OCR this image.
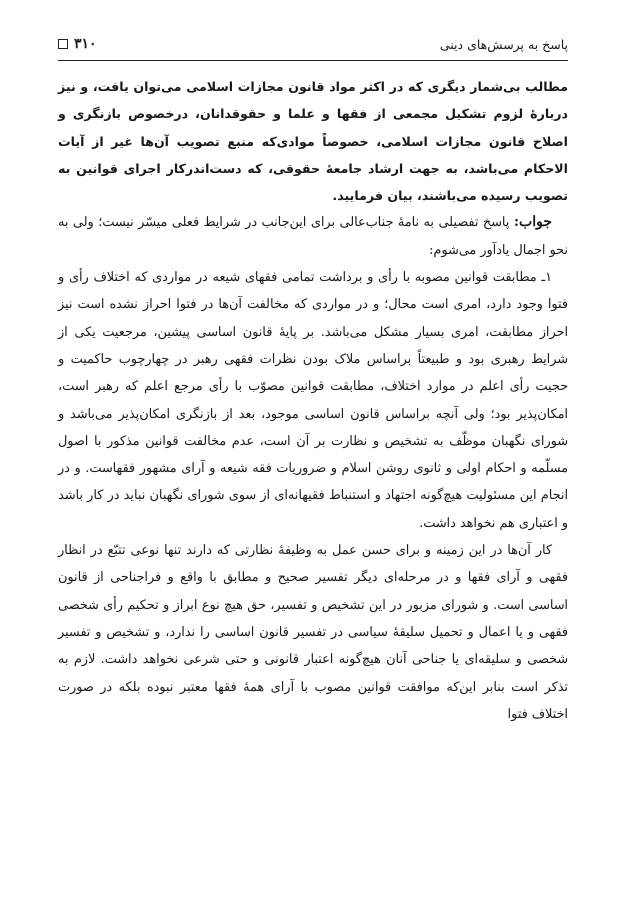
پاسخ به پرسش‌های دینی
۳۱۰

مطالب بی‌شمار دیگری که در اکثر مواد قانون مجازات اسلامی می‌توان یافت، و نیز دربارهٔ لزوم تشکیل مجمعی از فقها و علما و حقوقدانان، درخصوص بازنگری و اصلاح قانون مجازات اسلامی، خصوصاً موادی‌که منبع تصویب آن‌ها غیر از آیات الاحکام می‌باشد، به جهت ارشاد جامعهٔ حقوقی، که دست‌اندرکار اجرای قوانین به تصویب رسیده می‌باشند، بیان فرمایید.

جواب: پاسخ تفصیلی به نامهٔ جناب‌عالی برای این‌جانب در شرایط فعلی میسّر نیست؛ ولی به نحو اجمال یادآور می‌شوم:

۱ـ مطابقت قوانین مصوبه با رأی و برداشت تمامی فقهای شیعه در مواردی که اختلاف رأی و فتوا وجود دارد، امری است محال؛ و در مواردی که مخالفت آن‌ها در فتوا احراز نشده است نیز احراز مطابقت، امری بسیار مشکل می‌باشد. بر پایهٔ قانون اساسی پیشین، مرجعیت یکی از شرایط رهبری بود و طبیعتاً براساس ملاک بودن نظرات فقهی رهبر در چهارچوب حاکمیت و حجیت رأی اعلم در موارد اختلاف، مطابقت قوانین مصوّب با رأی مرجع اعلم که رهبر است، امکان‌پذیر بود؛ ولی آنچه براساس قانون اساسی موجود، بعد از بازنگری امکان‌پذیر می‌باشد و شورای نگهبان موظّف به تشخیص و نظارت بر آن است، عدم مخالفت قوانین مذکور با اصول مسلّمه و احکام اولی و ثانوی روشن اسلام و ضروریات فقه شیعه و آرای مشهور فقهاست. و در انجام این مسئولیت هیچ‌گونه اجتهاد و استنباط فقیهانه‌ای از سوی شورای نگهبان نباید در کار باشد و اعتباری هم نخواهد داشت.

کار آن‌ها در این زمینه و برای حسن عمل به وظیفهٔ نظارتی که دارند تنها نوعی تتبّع در انظار فقهی و آرای فقها و در مرحله‌ای دیگر تفسیر صحیح و مطابق با واقع و فراجناحی از قانون اساسی است. و شورای مزبور در این تشخیص و تفسیر، حق هیچ نوع ابراز و تحکیم رأی شخصی فقهی و یا اعمال و تحمیل سلیقهٔ سیاسی در تفسیر قانون اساسی را ندارد، و تشخیص و تفسیر شخصی و سلیقه‌ای یا جناحی آنان هیچ‌گونه اعتبار قانونی و حتی شرعی نخواهد داشت. لازم به تذکر است بنابر این‌که موافقت قوانین مصوب با آرای همهٔ فقها معتبر نبوده بلکه در صورت اختلاف فتوا
